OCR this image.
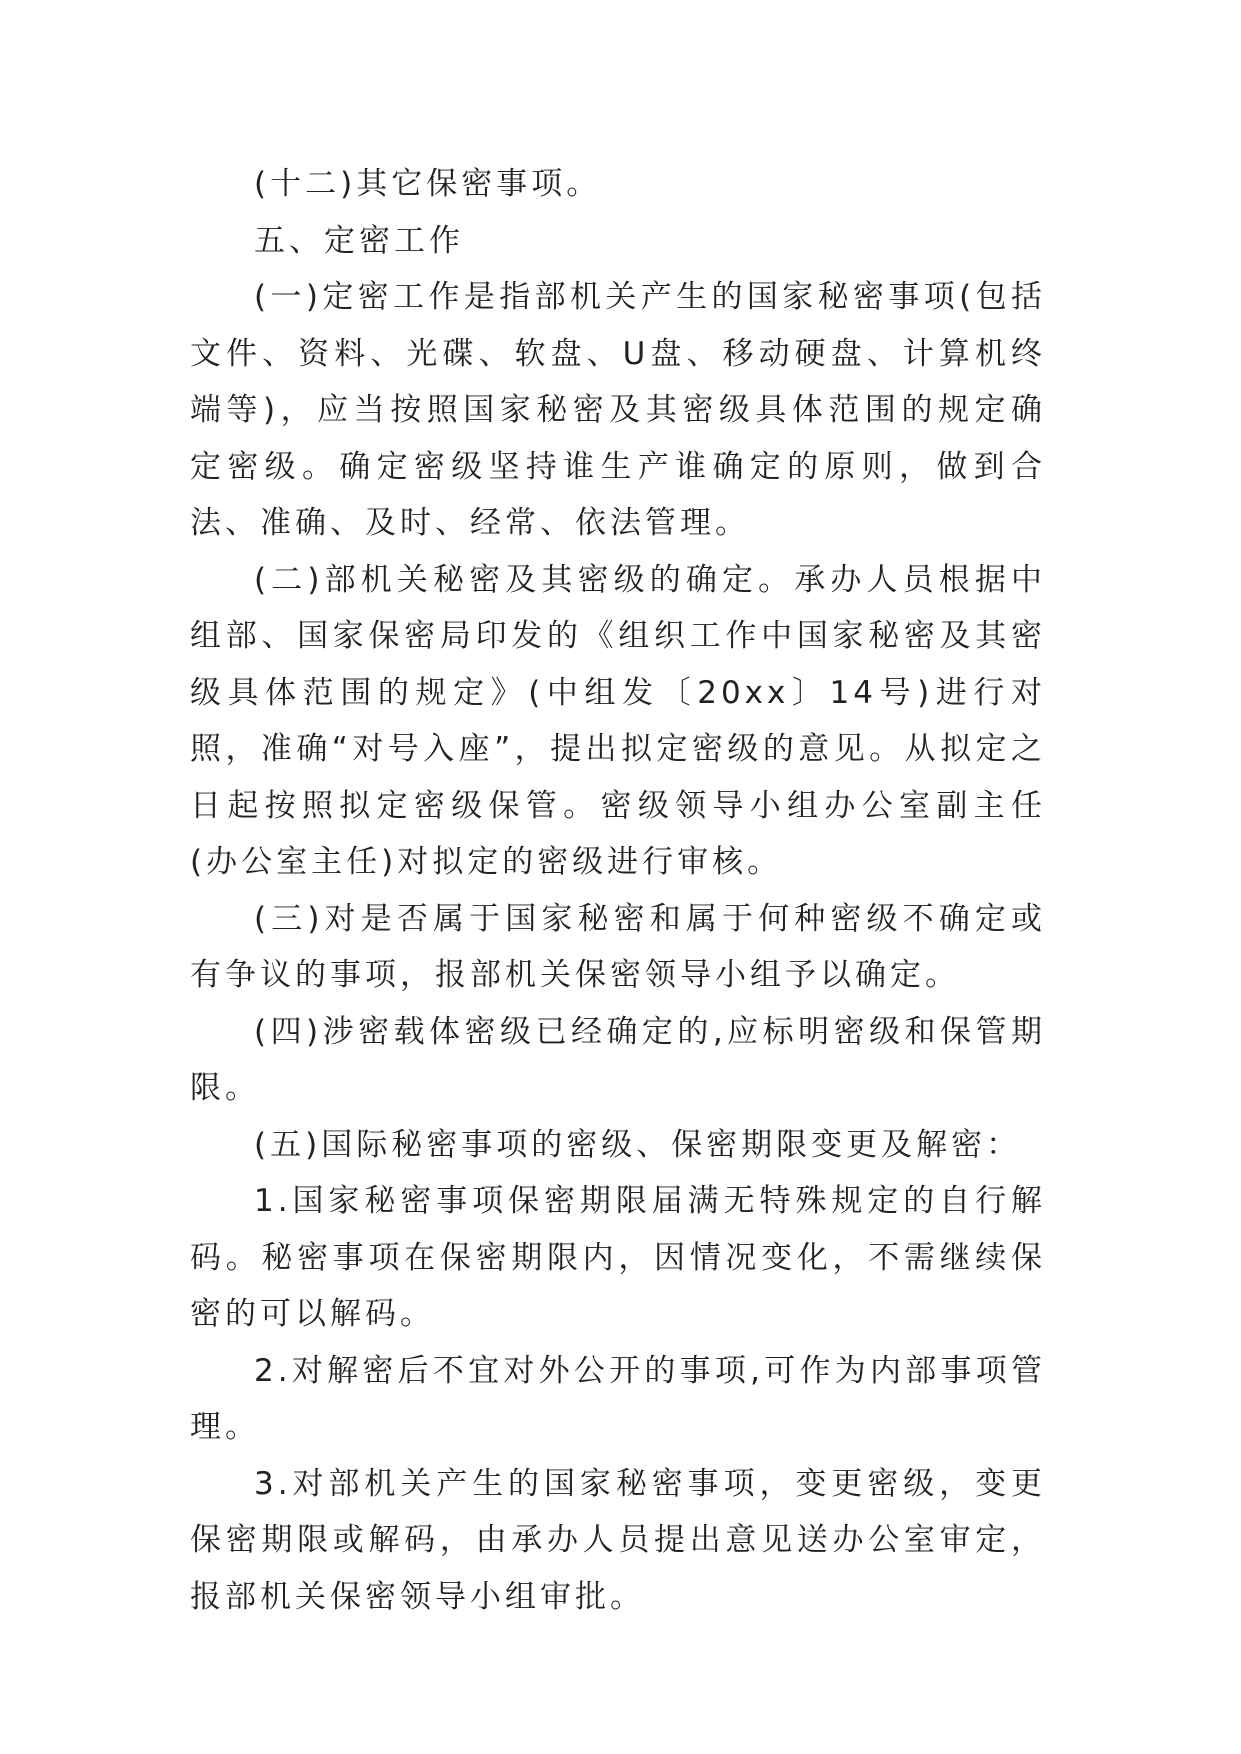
(十二)其它保密事项。

五、定密工作

(一)定密工作是指部机关产生的国家秘密事项(包括文件、资料、光碟、软盘、U盘、移动硬盘、计算机终端等)，应当按照国家秘密及其密级具体范围的规定确定密级。确定密级坚持谁生产谁确定的原则，做到合法、准确、及时、经常、依法管理。

(二)部机关秘密及其密级的确定。承办人员根据中组部、国家保密局印发的《组织工作中国家秘密及其密级具体范围的规定》(中组发〔20xx〕14号)进行对照，准确“对号入座”，提出拟定密级的意见。从拟定之日起按照拟定密级保管。密级领导小组办公室副主任(办公室主任)对拟定的密级进行审核。

(三)对是否属于国家秘密和属于何种密级不确定或有争议的事项，报部机关保密领导小组予以确定。

(四)涉密载体密级已经确定的,应标明密级和保管期限。

(五)国际秘密事项的密级、保密期限变更及解密：

1.国家秘密事项保密期限届满无特殊规定的自行解码。秘密事项在保密期限内，因情况变化，不需继续保密的可以解码。

2.对解密后不宜对外公开的事项,可作为内部事项管理。

3.对部机关产生的国家秘密事项，变更密级，变更保密期限或解码，由承办人员提出意见送办公室审定，报部机关保密领导小组审批。
